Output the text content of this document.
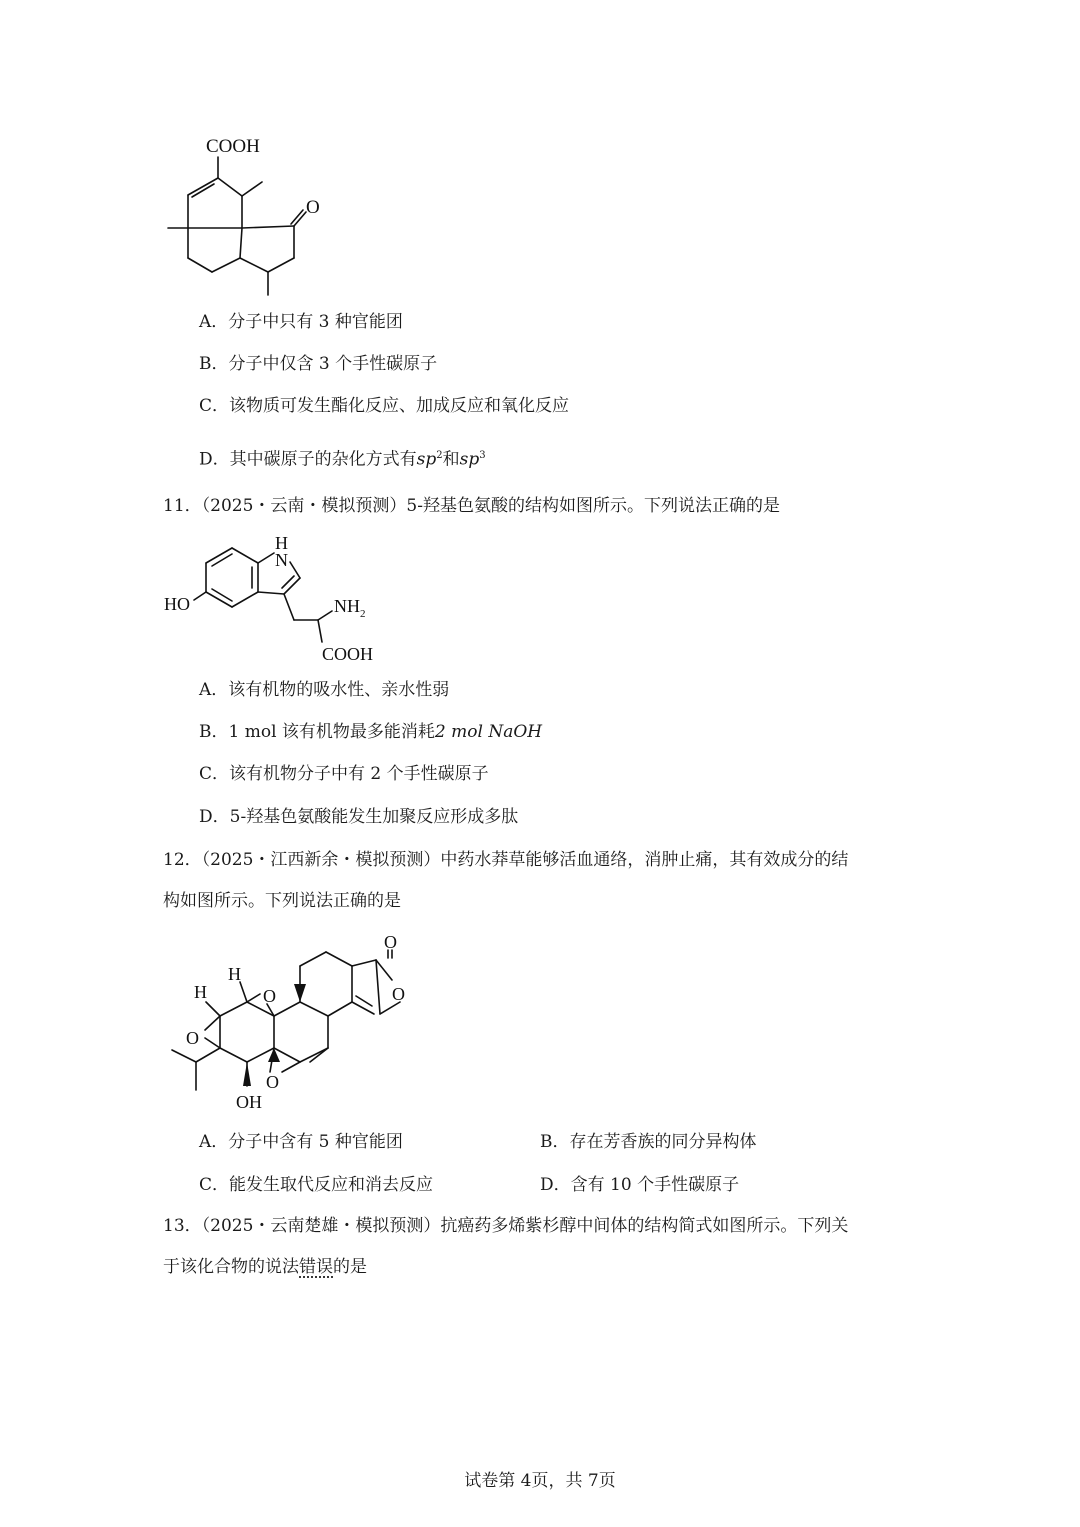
COOH
O
A．分子中只有 3 种官能团
B．分子中仅含 3 个手性碳原子
C．该物质可发生酯化反应、加成反应和氧化反应
D．其中碳原子的杂化方式有$sp^2$和$sp^3$
11．（2025・云南・模拟预测）5-羟基色氨酸的结构如图所示。下列说法正确的是
H
N
HO	$NH_2$
COOH
A．该有机物的吸水性、亲水性弱
B．1 mol 该有机物最多能消耗2 mol NaOH
C．该有机物分子中有 2 个手性碳原子
D．5-羟基色氨酸能发生加聚反应形成多肽
12．（2025・江西新余・模拟预测）中药水莽草能够活血通络，消肿止痛，其有效成分的结
构如图所示。下列说法正确的是
O
O
H
H	O
O
O
OH
A．分子中含有 5 种官能团	B．存在芳香族的同分异构体
C．能发生取代反应和消去反应	D．含有 10 个手性碳原子
13．（2025・云南楚雄・模拟预测）抗癌药多烯紫杉醇中间体的结构简式如图所示。下列关
于该化合物的说法错误的是
试卷第 4页，共 7页
